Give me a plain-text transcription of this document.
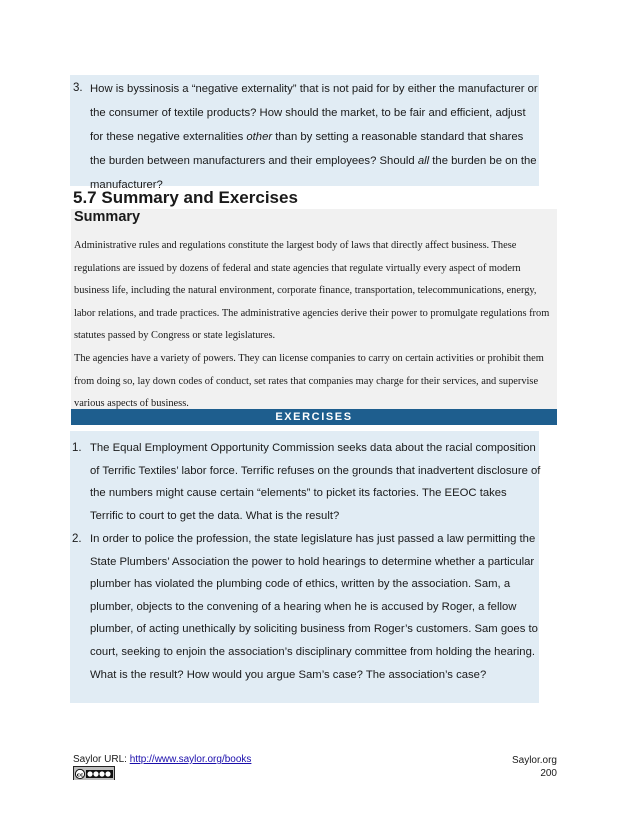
3. How is byssinosis a “negative externality” that is not paid for by either the manufacturer or the consumer of textile products? How should the market, to be fair and efficient, adjust for these negative externalities other than by setting a reasonable standard that shares the burden between manufacturers and their employees? Should all the burden be on the manufacturer?

5.7 Summary and Exercises
Summary

Administrative rules and regulations constitute the largest body of laws that directly affect business. These regulations are issued by dozens of federal and state agencies that regulate virtually every aspect of modern business life, including the natural environment, corporate finance, transportation, telecommunications, energy, labor relations, and trade practices. The administrative agencies derive their power to promulgate regulations from statutes passed by Congress or state legislatures.

The agencies have a variety of powers. They can license companies to carry on certain activities or prohibit them from doing so, lay down codes of conduct, set rates that companies may charge for their services, and supervise various aspects of business.

EXERCISES
1. The Equal Employment Opportunity Commission seeks data about the racial composition of Terrific Textiles’ labor force. Terrific refuses on the grounds that inadvertent disclosure of the numbers might cause certain “elements” to picket its factories. The EEOC takes Terrific to court to get the data. What is the result?

2. In order to police the profession, the state legislature has just passed a law permitting the State Plumbers’ Association the power to hold hearings to determine whether a particular plumber has violated the plumbing code of ethics, written by the association. Sam, a plumber, objects to the convening of a hearing when he is accused by Roger, a fellow plumber, of acting unethically by soliciting business from Roger’s customers. Sam goes to court, seeking to enjoin the association’s disciplinary committee from holding the hearing. What is the result? How would you argue Sam’s case? The association’s case?

Saylor URL: http://www.saylor.org/books
cc
Saylor.org
200
